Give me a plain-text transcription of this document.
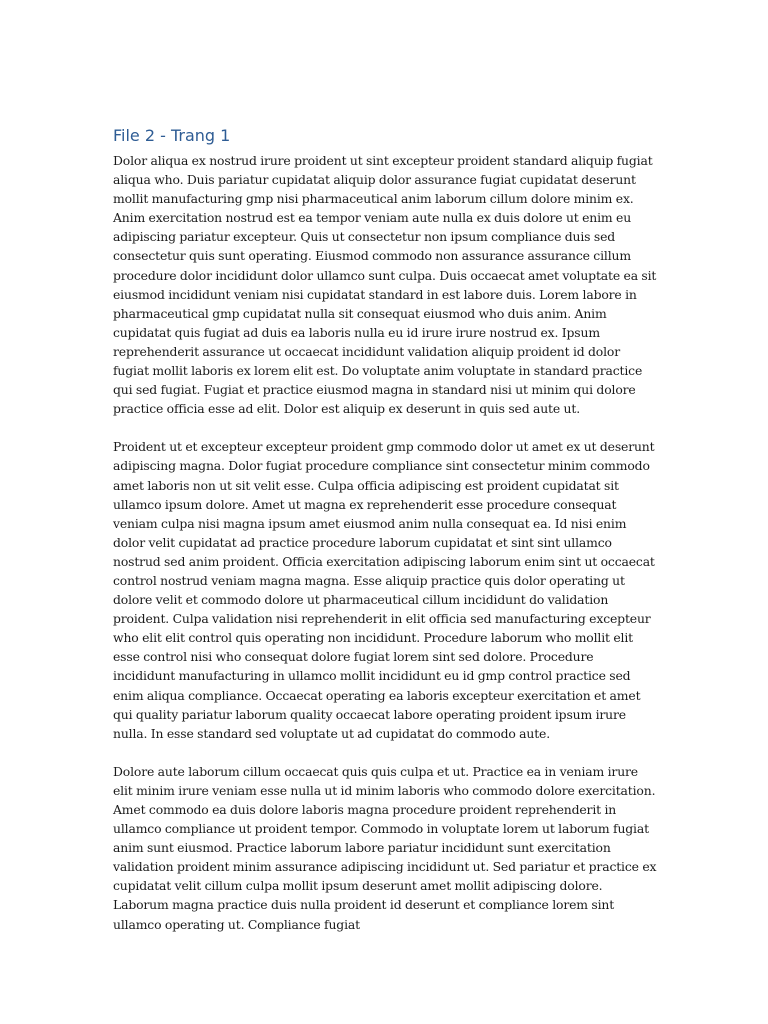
File 2 - Trang 1

Dolor aliqua ex nostrud irure proident ut sint excepteur proident standard aliquip fugiat aliqua who. Duis pariatur cupidatat aliquip dolor assurance fugiat cupidatat deserunt mollit manufacturing gmp nisi pharmaceutical anim laborum cillum dolore minim ex. Anim exercitation nostrud est ea tempor veniam aute nulla ex duis dolore ut enim eu adipiscing pariatur excepteur. Quis ut consectetur non ipsum compliance duis sed consectetur quis sunt operating. Eiusmod commodo non assurance assurance cillum procedure dolor incididunt dolor ullamco sunt culpa. Duis occaecat amet voluptate ea sit eiusmod incididunt veniam nisi cupidatat standard in est labore duis. Lorem labore in pharmaceutical gmp cupidatat nulla sit consequat eiusmod who duis anim. Anim cupidatat quis fugiat ad duis ea laboris nulla eu id irure irure nostrud ex. Ipsum reprehenderit assurance ut occaecat incididunt validation aliquip proident id dolor fugiat mollit laboris ex lorem elit est. Do voluptate anim voluptate in standard practice qui sed fugiat. Fugiat et practice eiusmod magna in standard nisi ut minim qui dolore practice officia esse ad elit. Dolor est aliquip ex deserunt in quis sed aute ut.

Proident ut et excepteur excepteur proident gmp commodo dolor ut amet ex ut deserunt adipiscing magna. Dolor fugiat procedure compliance sint consectetur minim commodo amet laboris non ut sit velit esse. Culpa officia adipiscing est proident cupidatat sit ullamco ipsum dolore. Amet ut magna ex reprehenderit esse procedure consequat veniam culpa nisi magna ipsum amet eiusmod anim nulla consequat ea. Id nisi enim dolor velit cupidatat ad practice procedure laborum cupidatat et sint sint ullamco nostrud sed anim proident. Officia exercitation adipiscing laborum enim sint ut occaecat control nostrud veniam magna magna. Esse aliquip practice quis dolor operating ut dolore velit et commodo dolore ut pharmaceutical cillum incididunt do validation proident. Culpa validation nisi reprehenderit in elit officia sed manufacturing excepteur who elit elit control quis operating non incididunt. Procedure laborum who mollit elit esse control nisi who consequat dolore fugiat lorem sint sed dolore. Procedure incididunt manufacturing in ullamco mollit incididunt eu id gmp control practice sed enim aliqua compliance. Occaecat operating ea laboris excepteur exercitation et amet qui quality pariatur laborum quality occaecat labore operating proident ipsum irure nulla. In esse standard sed voluptate ut ad cupidatat do commodo aute.

Dolore aute laborum cillum occaecat quis quis culpa et ut. Practice ea in veniam irure elit minim irure veniam esse nulla ut id minim laboris who commodo dolore exercitation. Amet commodo ea duis dolore laboris magna procedure proident reprehenderit in ullamco compliance ut proident tempor. Commodo in voluptate lorem ut laborum fugiat anim sunt eiusmod. Practice laborum labore pariatur incididunt sunt exercitation validation proident minim assurance adipiscing incididunt ut. Sed pariatur et practice ex cupidatat velit cillum culpa mollit ipsum deserunt amet mollit adipiscing dolore. Laborum magna practice duis nulla proident id deserunt et compliance lorem sint ullamco operating ut. Compliance fugiat
